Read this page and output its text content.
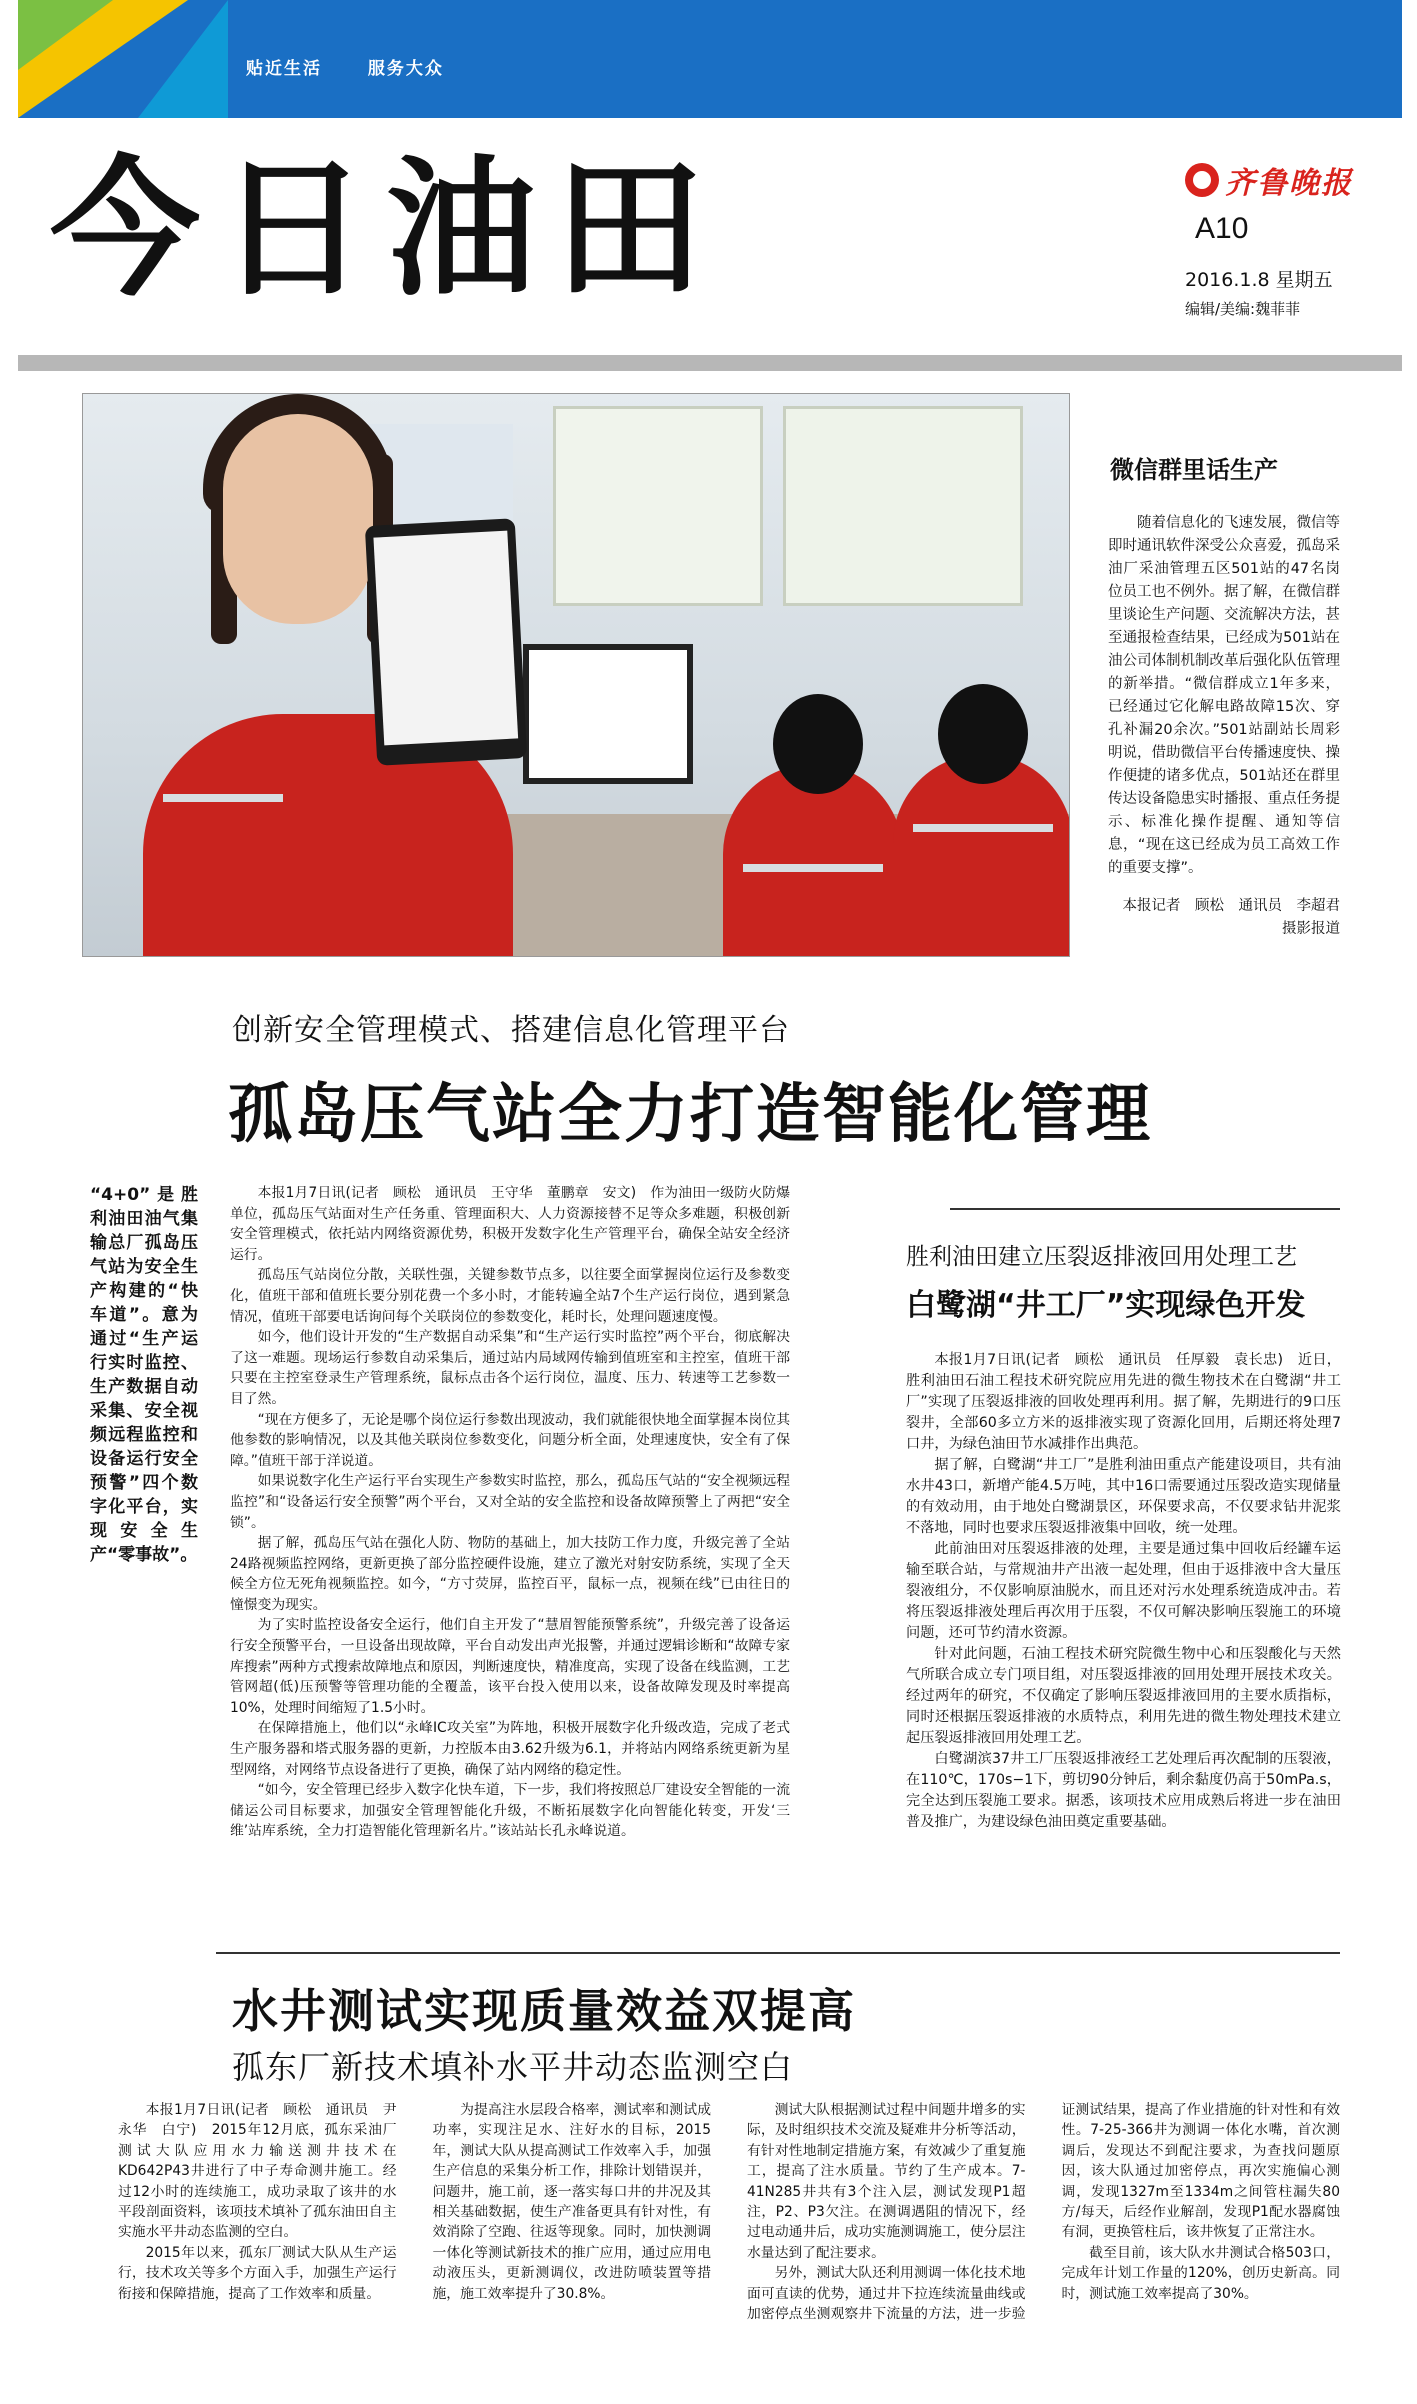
贴近生活	服务大众
今日油田	齐鲁晚报
A10
2016.1.8 星期五
编辑/美编:魏菲菲
微信群里话生产
随着信息化的飞速发展，微信等即时通讯软件深受公众喜爱，孤岛采油厂采油管理五区501站的47名岗位员工也不例外。据了解，在微信群里谈论生产问题、交流解决方法，甚至通报检查结果，已经成为501站在油公司体制机制改革后强化队伍管理的新举措。“微信群成立1年多来，已经通过它化解电路故障15次、穿孔补漏20余次。”501站副站长周彩明说，借助微信平台传播速度快、操作便捷的诸多优点，501站还在群里传达设备隐患实时播报、重点任务提示、标准化操作提醒、通知等信息，“现在这已经成为员工高效工作的重要支撑”。
本报记者　顾松　通讯员　李超君　摄影报道
创新安全管理模式、搭建信息化管理平台
孤岛压气站全力打造智能化管理
“4+0”是胜利油田油气集输总厂孤岛压气站为安全生产构建的“快车道”。意为通过“生产运行实时监控、生产数据自动采集、安全视频远程监控和设备运行安全预警”四个数字化平台，实现安全生产“零事故”。

本报1月7日讯(记者　顾松　通讯员　王守华　董鹏章　安文)　作为油田一级防火防爆单位，孤岛压气站面对生产任务重、管理面积大、人力资源接替不足等众多难题，积极创新安全管理模式，依托站内网络资源优势，积极开发数字化生产管理平台，确保全站安全经济运行。

孤岛压气站岗位分散，关联性强，关键参数节点多，以往要全面掌握岗位运行及参数变化，值班干部和值班长要分别花费一个多小时，才能转遍全站7个生产运行岗位，遇到紧急情况，值班干部要电话询问每个关联岗位的参数变化，耗时长，处理问题速度慢。

如今，他们设计开发的“生产数据自动采集”和“生产运行实时监控”两个平台，彻底解决了这一难题。现场运行参数自动采集后，通过站内局域网传输到值班室和主控室，值班干部只要在主控室登录生产管理系统，鼠标点击各个运行岗位，温度、压力、转速等工艺参数一目了然。

“现在方便多了，无论是哪个岗位运行参数出现波动，我们就能很快地全面掌握本岗位其他参数的影响情况，以及其他关联岗位参数变化，问题分析全面，处理速度快，安全有了保障。”值班干部于洋说道。

如果说数字化生产运行平台实现生产参数实时监控，那么，孤岛压气站的“安全视频远程监控”和“设备运行安全预警”两个平台，又对全站的安全监控和设备故障预警上了两把“安全锁”。

据了解，孤岛压气站在强化人防、物防的基础上，加大技防工作力度，升级完善了全站24路视频监控网络，更新更换了部分监控硬件设施，建立了激光对射安防系统，实现了全天候全方位无死角视频监控。如今，“方寸荧屏，监控百平，鼠标一点，视频在线”已由往日的憧憬变为现实。

为了实时监控设备安全运行，他们自主开发了“慧眉智能预警系统”，升级完善了设备运行安全预警平台，一旦设备出现故障，平台自动发出声光报警，并通过逻辑诊断和“故障专家库搜索”两种方式搜索故障地点和原因，判断速度快，精准度高，实现了设备在线监测，工艺管网超(低)压预警等管理功能的全覆盖，该平台投入使用以来，设备故障发现及时率提高10%，处理时间缩短了1.5小时。

在保障措施上，他们以“永峰IC攻关室”为阵地，积极开展数字化升级改造，完成了老式生产服务器和塔式服务器的更新，力控版本由3.62升级为6.1，并将站内网络系统更新为星型网络，对网络节点设备进行了更换，确保了站内网络的稳定性。

“如今，安全管理已经步入数字化快车道，下一步，我们将按照总厂建设安全智能的一流储运公司目标要求，加强安全管理智能化升级，不断拓展数字化向智能化转变，开发‘三维’站库系统，全力打造智能化管理新名片。”该站站长孔永峰说道。

胜利油田建立压裂返排液回用处理工艺
白鹭湖“井工厂”实现绿色开发

本报1月7日讯(记者　顾松　通讯员　任厚毅　袁长忠)　近日，胜利油田石油工程技术研究院应用先进的微生物技术在白鹭湖“井工厂”实现了压裂返排液的回收处理再利用。据了解，先期进行的9口压裂井，全部60多立方米的返排液实现了资源化回用，后期还将处理7口井，为绿色油田节水减排作出典范。

据了解，白鹭湖“井工厂”是胜利油田重点产能建设项目，共有油水井43口，新增产能4.5万吨，其中16口需要通过压裂改造实现储量的有效动用，由于地处白鹭湖景区，环保要求高，不仅要求钻井泥浆不落地，同时也要求压裂返排液集中回收，统一处理。

此前油田对压裂返排液的处理，主要是通过集中回收后经罐车运输至联合站，与常规油井产出液一起处理，但由于返排液中含大量压裂液组分，不仅影响原油脱水，而且还对污水处理系统造成冲击。若将压裂返排液处理后再次用于压裂，不仅可解决影响压裂施工的环境问题，还可节约清水资源。

针对此问题，石油工程技术研究院微生物中心和压裂酸化与天然气所联合成立专门项目组，对压裂返排液的回用处理开展技术攻关。经过两年的研究，不仅确定了影响压裂返排液回用的主要水质指标，同时还根据压裂返排液的水质特点，利用先进的微生物处理技术建立起压裂返排液回用处理工艺。

白鹭湖滨37井工厂压裂返排液经工艺处理后再次配制的压裂液，在110℃，170s−1下，剪切90分钟后，剩余黏度仍高于50mPa.s，完全达到压裂施工要求。据悉，该项技术应用成熟后将进一步在油田普及推广，为建设绿色油田奠定重要基础。

水井测试实现质量效益双提高
孤东厂新技术填补水平井动态监测空白

本报1月7日讯(记者　顾松　通讯员　尹永华　白宁)　2015年12月底，孤东采油厂测试大队应用水力输送测井技术在KD642P43井进行了中子寿命测井施工。经过12小时的连续施工，成功录取了该井的水平段剖面资料，该项技术填补了孤东油田自主实施水平井动态监测的空白。

2015年以来，孤东厂测试大队从生产运行，技术攻关等多个方面入手，加强生产运行衔接和保障措施，提高了工作效率和质量。

为提高注水层段合格率，测试率和测试成功率，实现注足水、注好水的目标，2015年，测试大队从提高测试工作效率入手，加强生产信息的采集分析工作，排除计划错误并，问题井，施工前，逐一落实每口井的井况及其相关基础数据，使生产准备更具有针对性，有效消除了空跑、往返等现象。同时，加快测调一体化等测试新技术的推广应用，通过应用电动液压头，更新测调仪，改进防喷装置等措施，施工效率提升了30.8%。

测试大队根据测试过程中间题井增多的实际，及时组织技术交流及疑难井分析等活动，有针对性地制定措施方案，有效减少了重复施工，提高了注水质量。节约了生产成本。7-41N285井共有3个注入层，测试发现P1超注，P2、P3欠注。在测调遇阻的情况下，经过电动通井后，成功实施测调施工，使分层注水量达到了配注要求。

另外，测试大队还利用测调一体化技术地面可直读的优势，通过井下拉连续流量曲线或加密停点坐测观察井下流量的方法，进一步验证测试结果，提高了作业措施的针对性和有效性。7-25-366井为测调一体化水嘴，首次测调后，发现达不到配注要求，为查找问题原因，该大队通过加密停点，再次实施偏心测调，发现1327m至1334m之间管柱漏失80方/每天，后经作业解剖，发现P1配水器腐蚀有洞，更换管柱后，该井恢复了正常注水。

截至目前，该大队水井测试合格503口，完成年计划工作量的120%，创历史新高。同时，测试施工效率提高了30%。
